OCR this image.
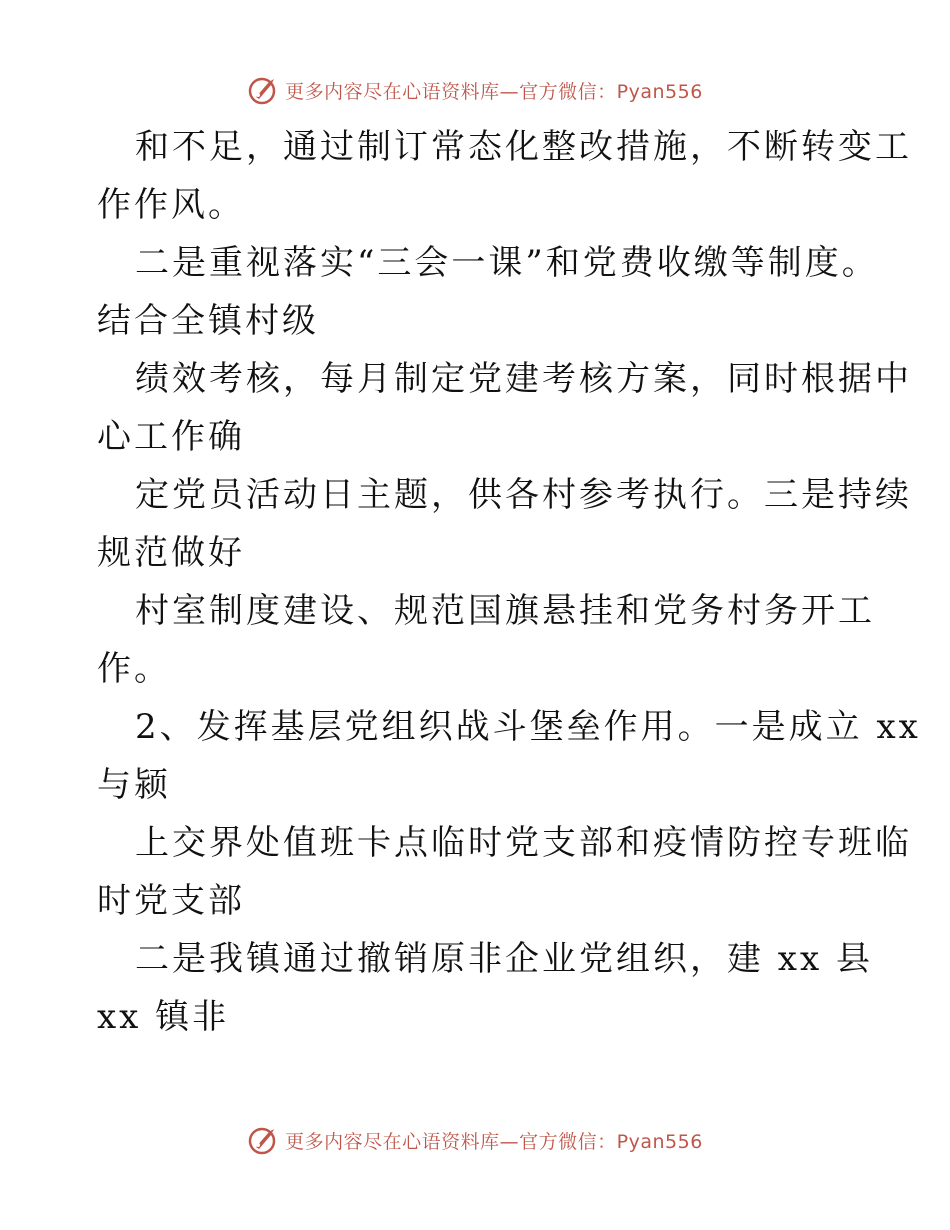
更多内容尽在心语资料库—官方微信：Pyan556
和不足，通过制订常态化整改措施，不断转变工
作作风。
二是重视落实“三会一课”和党费收缴等制度。
结合全镇村级
绩效考核，每月制定党建考核方案，同时根据中
心工作确
定党员活动日主题，供各村参考执行。三是持续
规范做好
村室制度建设、规范国旗悬挂和党务村务开工
作。
2、发挥基层党组织战斗堡垒作用。一是成立 xx
与颍
上交界处值班卡点临时党支部和疫情防控专班临
时党支部
二是我镇通过撤销原非企业党组织，建 xx 县
xx 镇非
更多内容尽在心语资料库—官方微信：Pyan556
